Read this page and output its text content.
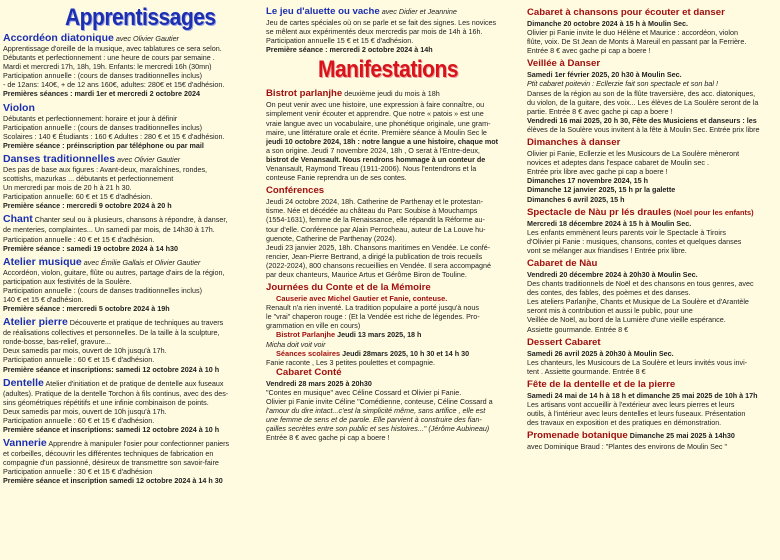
Apprentissages

Accordéon diatonique avec Olivier Gautier

Apprentissage d'oreille de la musique, avec tablatures ce sera selon.

Débutants et perfectionnement : une heure de cours par semaine .

Mardi et mercredi 17h, 18h, 19h. Enfants: le mercredi 16h (30mn)

Participation annuelle : (cours de danses traditionnelles inclus)

- de 12ans: 140€, + de 12 ans 160€, adultes: 280€ et 15€ d'adhésion.

Premières séances : mardi 1er et mercredi 2 octobre 2024

Violon

Débutants et perfectionnement: horaire et jour à définir

Participation annuelle : (cours de danses traditionnelles inclus)

Scolaires : 140 € Étudiants : 160 € Adultes : 280 € et 15 € d'adhésion.

Première séance : préinscription par téléphone ou par mail

Danses traditionnelles avec Olivier Gautier

Des pas de base aux figures : Avant-deux, maraîchines, rondes,

scottishs, mazurkas ... débutants et perfectionnement

Un mercredi par mois de 20 h à 21 h 30.

Participation annuelle: 60 € et 15 € d'adhésion.

Première séance : mercredi 9 octobre 2024 à 20 h

Chant Chanter seul ou à plusieurs, chansons à répondre, à danser,

de menteries, complaintes... Un samedi par mois, de 14h30 à 17h.

Participation annuelle : 40 € et 15 € d'adhésion.

Première séance : samedi 19 octobre 2024 à 14 h30

Atelier musique avec Émilie Gallais et Olivier Gautier

Accordéon, violon, guitare, flûte ou autres, partage d'airs de la région,

participation aux festivités de la Soulère.

Participation annuelle : (cours de danses traditionnelles inclus)

140 € et 15 € d'adhésion.

Première séance : mercredi 5 octobre 2024 à 19h

Atelier pierre Découverte et pratique de techniques au travers

de réalisations collectives et personnelles. De la taille à la sculpture,

ronde-bosse, bas-relief, gravure...

Deux samedis par mois, ouvert de 10h jusqu'à 17h.

Participation annuelle : 60 € et 15 € d'adhésion.

Première séance et inscriptions: samedi 12 octobre 2024 à 10 h

Dentelle Atelier d'initiation et de pratique de dentelle aux fuseaux

(adultes). Pratique de la dentelle Torchon à fils continus, avec des des-

sins géométriques répétitifs et une infinie combinaison de points.

Deux samedis par mois, ouvert de 10h jusqu'à 17h.

Participation annuelle : 60 € et 15 € d'adhésion.

Première séance et inscriptions: samedi 12 octobre 2024 à 10 h

Vannerie Apprendre à manipuler l'osier pour confectionner paniers

et corbeilles, découvrir les différentes techniques de fabrication en

compagnie d'un passionné, désireux de transmettre son savoir-faire

Participation annuelle : 30 € et 15 € d'adhésion

Première séance et inscription samedi 12 octobre 2024 à 14 h 30

Le jeu d'aluette ou vache avec Didier et Jeannine

Jeu de cartes spéciales où on se parle et se fait des signes. Les novices

se mêlent aux expérimentés deux mercredis par mois de 14h à 16h.

Participation annuelle 15 € et 15 € d'adhésion.

Première séance : mercredi 2 octobre 2024 à 14h

Manifestations

Bistrot parlanjhe deuxième jeudi du mois à 18h

On peut venir avec une histoire, une expression à faire connaître, ou

simplement venir écouter et apprendre. Que notre « patois » est une

vraie langue avec un vocabulaire, une phonétique originale, une gram-

maire, une littérature orale et écrite. Première séance à Moulin Sec le

jeudi 10 octobre 2024, 18h : notre langue a une histoire, chaque mot

a son origine. Jeudi 7 novembre 2024, 18h , O serat à l'Entre-deux,

bistrot de Venansault. Nous rendrons hommage à un conteur de

Venansault, Raymond Tireau (1911-2006). Nous l'entendrons et la

conteuse Fanie reprendra un de ses contes.

Conférences

Jeudi 24 octobre 2024, 18h. Catherine de Parthenay et le protestan-

tisme. Née et décédée au château du Parc Soubise à Mouchamps

(1554-1631), femme de la Renaissance, elle répandit la Réforme au-

tour d'elle. Conférence par Alain Perrocheau, auteur de La Louve hu-

guenote, Catherine de Parthenay (2024).

Jeudi 23 janvier 2025, 18h. Chansons maritimes en Vendée. Le confé-

rencier, Jean-Pierre Bertrand, a dirigé la publication de trois recueils

(2022-2024), 800 chansons recueillies en Vendée. Il sera accompagné

par deux chanteurs, Maurice Artus et Gérôme Biron de Touline.

Journées du Conte et de la Mémoire

Causerie avec Michel Gautier et Fanie, conteuse.

Renault n'a rien inventé. La tradition populaire a porté jusqu'à nous

le "vrai" chaperon rouge : (Et la Vendée est riche de légendes. Pro-

grammation en ville en cours)

Bistrot Parlanjhe Jeudi 13 mars 2025, 18 h

Micha doit voit voir

Séances scolaires Jeudi 28mars 2025, 10 h 30 et 14 h 30

Fanie raconte , Les 3 petites poulettes et compagnie.

Cabaret Conté

Vendredi 28 mars 2025 à 20h30

"Contes en musique" avec Céline Cossard et Olivier pi Fanie.

Olivier pi Fanie invite Céline "Comédienne, conteuse, Céline Cossard a

l'amour du dire intact...c'est la simplicité même, sans artifice , elle est

une femme de sens et de parole. Elle parvient à construire des fian-

çailles secrètes entre son public et ses histoires..." (Jérôme Aubineau)

Entrée 8 € avec gache pi cap a boere !

Cabaret à chansons pour écouter et danser

Dimanche 20 octobre 2024 à 15 h à Moulin Sec.

Olivier pi Fanie invite le duo Hélène et Maurice : accordéon, violon

flûte, voix. De St Jean de Monts à Mareuil en passant par la Ferrière.

Entrée 8 € avec gache pi cap a boere !

Veillée à Danser

Samedi 1er février 2025, 20 h30 à Moulin Sec.

Ptit cabaret poitevin : Ecllerzie fait son spectacle et son bal !

Danses de la région au son de la flûte traversière, des acc. diatoniques,

du violon, de la guitare, des voix... Les élèves de La Soulère seront de la

partie. Entrée 8 € avec gache pi cap a boere !

Vendredi 16 mai 2025, 20 h 30, Fête des Musiciens et danseurs : les

élèves de la Soulère vous invitent à la fête à Moulin Sec. Entrée prix libre

Dimanches à danser

Olivier pi Fanie, Ecllerzie et les Musicours de La Soulère mèneront

novices et adeptes dans l'espace cabaret de Moulin sec .

Entrée prix libre avec gache pi cap a boere !

Dimanches 17 novembre 2024, 15 h

Dimanche 12 janvier 2025, 15 h pr la galette

Dimanches 6 avril 2025, 15 h

Spectacle de Nàu pr lés draules (Noël pour les enfants)

Mercredi 18 décembre 2024 à 15 h à Moulin Sec.

Les enfants emmènent leurs parents voir le Spectacle à Tiroirs

d'Olivier pi Fanie : musiques, chansons, contes et quelques danses

vont se mélanger aux friandises ! Entrée prix libre.

Cabaret de Nàu

Vendredi 20 décembre 2024 à 20h30 à Moulin Sec.

Des chants traditionnels de Noël et des chansons en tous genres, avec

des contes, des fables, des poèmes et des danses.

Les ateliers Parlanjhe, Chants et Musique de La Soulère et d'Arantèle

seront mis à contribution et aussi le public, pour une

Veillée de Noël, au bord de la Lumière d'une vieille espérance.

Assiette gourmande. Entrée 8 €

Dessert Cabaret

Samedi 26 avril 2025 à 20h30 à Moulin Sec.

Les chanteurs, les Musicours de La Soulère et leurs invités vous invi-

tent . Assiette gourmande. Entrée 8 €

Fête de la dentelle et de la pierre

Samedi 24 mai de 14 h à 18 h et dimanche 25 mai 2025 de 10h à 17h

Les artisans vont accueillir à l'extérieur avec leurs pierres et leurs

outils, à l'intérieur avec leurs dentelles et leurs fuseaux. Présentation

des travaux en exposition et des pratiques en démonstration.

Promenade botanique Dimanche 25 mai 2025 à 14h30

avec Dominique Braud : "Plantes des environs de Moulin Sec "
